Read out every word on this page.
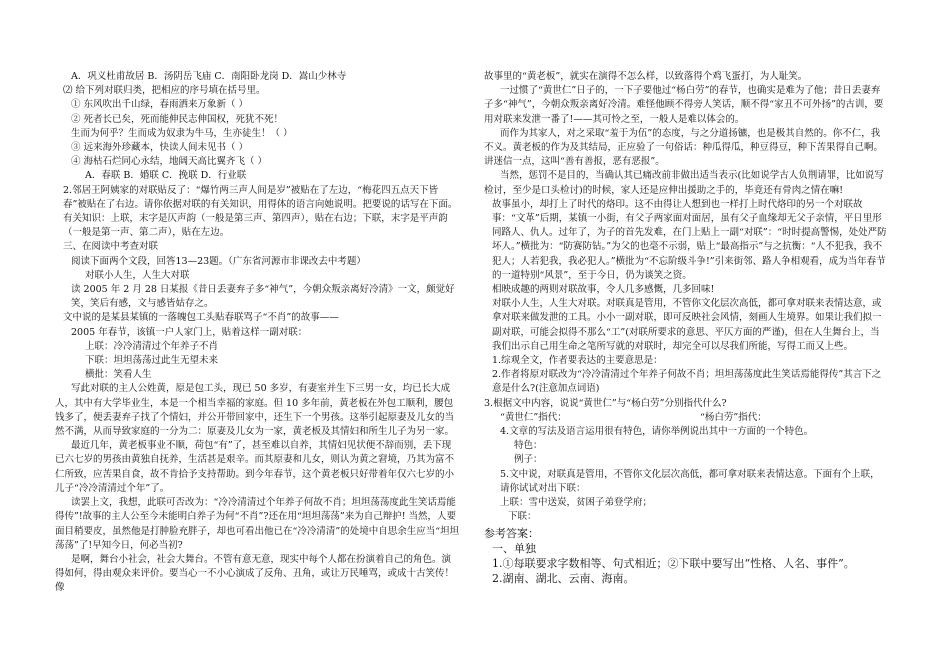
A．巩义杜甫故居 B．汤阴岳飞庙 C．南阳卧龙岗 D．嵩山少林寺

⑵ 给下列对联归类，把相应的序号填在括号里。

① 东风吹出千山绿，春雨洒来万象新（ ）

② 死者长已矣，死而能伸民志伸国权，死犹不死！

生而为何乎？生而成为奴隶为牛马，生亦徒生！（ ）

③ 远来海外珍藏本，快读人间未见书（ ）

④ 海枯石烂同心永结，地阔天高比翼齐飞（ ）

A．春联 B．婚联 C．挽联 D．行业联

2.邻居王阿姨家的对联贴反了：“爆竹两三声人间是岁”被贴在了左边，“梅花四五点天下皆春”被贴在了右边。请你依据对联的有关知识，用得体的语言向她说明。把要说的话写在下面。

有关知识：上联，末字是仄声韵（一般是第三声、第四声），贴在右边；下联，末字是平声韵（一般是第一声、第二声），贴在左边。

三、在阅读中考查对联

阅读下面两个文段，回答13—23题。（广东省河源市非课改去中考题）

对联小人生，人生大对联

读 2005 年 2 月 28 日某报《昔日丢妻弃子多“神气”，今朝众叛亲离好冷清》一文，颇觉好笑，笑后有感，文与感皆姑存之。

文中说的是某县某镇的一落魄包工头贴春联骂子“不肖”的故事——

2005 年春节，该镇一户人家门上，贴着这样一副对联：

上联：冷冷清清过个年养子不肖

下联：坦坦荡荡过此生无望未来

横批：笑看人生

写此对联的主人公姓黄，原是包工头，现已 50 多岁，有妻室并生下三男一女，均已长大成人，其中有大学毕业生，本是一个相当幸福的家庭。但 10 多年前，黄老板在外包工顺利，腰包钱多了，便丢妻弃子找了个情妇，并公开带回家中，还生下一个男孩。这举引起原妻及儿女的当然不满，从而导致家庭的一分为二：原妻及儿女为一家，黄老板及其情妇和所生儿子为另一家。

最近几年，黄老板事业不顺，荷包“有”了，甚至难以自养，其情妇见状便不辞而别，丢下现已六七岁的男孩由黄独自抚养，生活甚是艰辛。而其原妻和儿女，则认为黄之窘境，乃其为富不仁所致，应苦果自食，故不肯拾予支持帮助。到今年春节，这个黄老板只好带着年仅六七岁的小儿子“冷冷清清过个年”了。

读罢上文，我想，此联可否改为：“冷冷清清过个年养子何故不肖；坦坦荡荡度此生笑话焉能得传”!故事的主人公至今未能明白养子为何“不肖”?还在用“坦坦荡荡”来为自己辩护! 当然，人要面目稍要皮，虽然他是打肿脸充胖子，却也可看出他已在“冷冷清清”的处境中自思余生应当“坦坦荡荡”了!早知今日，何必当初?

是啊，舞台小社会，社会大舞台。不管有意无意，现实中每个人都在扮演着自己的角色。演得如何，得由观众来评价。要当心一不小心演成了反角、丑角，或让万民唾骂，或成十古笑传！像

故事里的“黄老板”，就实在演得不怎么样，以致落得个鸡飞蛋打，为人耻笑。

一过惯了“黄世仁”日子的，一下子要他过“杨白劳”的春节，也确实是难为了他；昔日丢妻弃子多“神气”，今朝众叛亲离好冷清。难怪他顾不得旁人笑话，顺不得“家丑不可外扬”的古训，要用对联来发泄一番了!——其可怜之至，一般人是难以体会的。

而作为其家人，对之采取“羞于为伍”的态度，与之分道扬镳，也是极其自然的。你不仁，我不义。黄老板的作为及其结局，正应验了一句俗话：种瓜得瓜，种豆得豆，种下苦果得自己啊。讲迷信一点，这叫“善有善报，恶有恶报”。

当然，惩罚不是目的，当确认其已痛改前非做出适当表示(比如说学古人负荆请罪，比如说写检讨，至少是口头检讨)的时候，家人还是应伸出援助之手的，毕竟还有骨肉之情在嘛!

故事虽小，却打上了时代的烙印。这不由得让人想到也一样打上时代烙印的另一个对联故事：“文革”后期，某镇一小街，有父子两家面对面居，虽有父子血缘却无父子亲情，平日里形同路人、仇人。过年了，为子的首先发难，在门上贴上一副“对联”：“时时提高警惕，处处严防坏人。”横批为：“防赛防钻。”为父的也毫不示弱，贴上“最高指示”与之抗衡：“人不犯我，我不犯人；人若犯我，我必犯人。”横批为“不忘阶级斗争!”引来街邻、路人争相观看，成为当年春节的一道特别“风景”，至于今日，仍为谈笑之资。

相映成趣的两则对联故事，令人几多感慨，几多回味!

对联小人生，人生大对联。对联真是管用，不管你文化层次高低，都可拿对联来表情达意，或拿对联来做发泄的工具。小小一副对联，即可反映社会风情，刻画人生境界。如果让我们拟一副对联，可能会拟得不那么“工”(对联所要求的意思、平仄方面的严谨)，但在人生舞台上，当我们出示自己用生命之笔所写就的对联时，却完全可以尽我们所能，写得工而又上些。

1.综观全文，作者要表达的主要意思是：

2.作者将原对联改为“冷冷清清过个年养子何故不肖；坦坦荡荡度此生笑话焉能得传”其言下之意是什么?(注意加点词语)

3.根据文中内容，说说“黄世仁”与“杨白劳”分别指代什么?

“黄世仁”指代：	“杨白劳”指代：

4.文章的写法及语言运用很有特色，请你举例说出其中一方面的一个特色。

特色：

例子：

5.文中说，对联真是管用，不管你文化层次高低，都可拿对联来表情达意。下面有个上联，请你试试对出下联：

上联：雪中送炭，贫困子弟登学府；

下联：

参考答案：

一、单独

1.①每联要求字数相等、句式相近；②下联中要写出“性格、人名、事件”。

2.湖南、湖北、云南、海南。
